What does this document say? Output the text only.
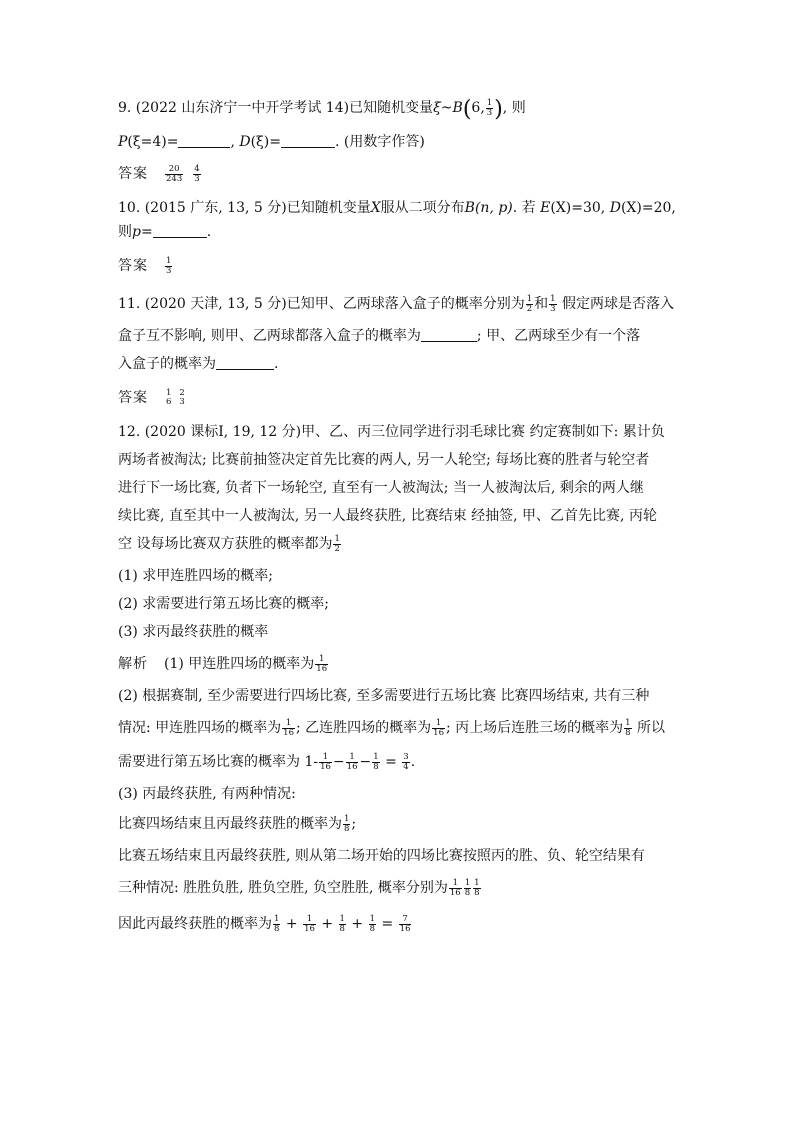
9. (2022 山东济宁一中开学考试 14)已知随机变量ξ~B(6, $\frac{1}{3}$ ), 则
P(ξ=4)=	, D(ξ)=	. (用数字作答)
答案 $\frac{20}{243} \frac{4}{3}$
10. (2015 广东, 13, 5 分)已知随机变量X服从二项分布B(n, p). 若 E(X)=30, D(X)=20,
则p=	.
答案 $\frac{1}{3}$
11. (2020 天津, 13, 5 分)已知甲、乙两球落入盒子的概率分别为 $\frac{1}{2}$ 和 $\frac{1}{3}$ 假定两球是否落入
盒子互不影响, 则甲、乙两球都落入盒子的概率为	; 甲、乙两球至少有一个落
入盒子的概率为	.
答案 1
6
2
3
12. (2020 课标Ⅰ, 19, 12 分)甲、乙、丙三位同学进行羽毛球比赛 约定赛制如下: 累计负
两场者被淘汰; 比赛前抽签决定首先比赛的两人, 另一人轮空; 每场比赛的胜者与轮空者
进行下一场比赛, 负者下一场轮空, 直至有一人被淘汰; 当一人被淘汰后, 剩余的两人继
续比赛, 直至其中一人被淘汰, 另一人最终获胜, 比赛结束 经抽签, 甲、乙首先比赛, 丙轮
空 设每场比赛双方获胜的概率都为 $\frac{1}{2}$
(1) 求甲连胜四场的概率;
(2) 求需要进行第五场比赛的概率;
(3) 求丙最终获胜的概率
解析 (1) 甲连胜四场的概率为 $\frac{1}{16}$
(2) 根据赛制, 至少需要进行四场比赛, 至多需要进行五场比赛 比赛四场结束, 共有三种
情况: 甲连胜四场的概率为 $\frac{1}{16}$ ; 乙连胜四场的概率为 $\frac{1}{16}$ ; 丙上场后连胜三场的概率为 $\frac{1}{8}$ 所以
需要进行第五场比赛的概率为 $1- \frac{1}{16} - \frac{1}{16} - \frac{1}{8} = \frac{3}{4}$ .
(3) 丙最终获胜, 有两种情况:
比赛四场结束且丙最终获胜的概率为 $\frac{1}{8}$ ;
比赛五场结束且丙最终获胜, 则从第二场开始的四场比赛按照丙的胜、负、轮空结果有
三种情况: 胜胜负胜, 胜负空胜, 负空胜胜, 概率分别为 $\frac{1}{16} \frac{1}{8} \frac{1}{8}$
因此丙最终获胜的概率为 $\frac{1}{8} + \frac{1}{16} + \frac{1}{8} + \frac{1}{8} = \frac{7}{16}$
